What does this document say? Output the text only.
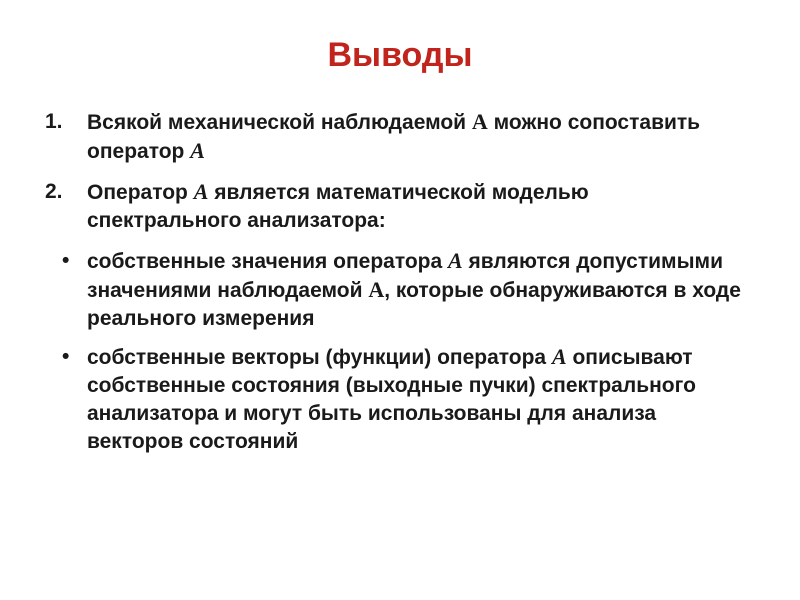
Выводы
1. Всякой механической наблюдаемой A можно сопоставить оператор A
2. Оператор A является математической моделью спектрального анализатора:
• собственные значения оператора A являются допустимыми значениями наблюдаемой A, которые обнаруживаются в ходе реального измерения
• собственные векторы (функции) оператора A описывают собственные состояния (выходные пучки) спектрального анализатора и могут быть использованы для анализа векторов состояний
